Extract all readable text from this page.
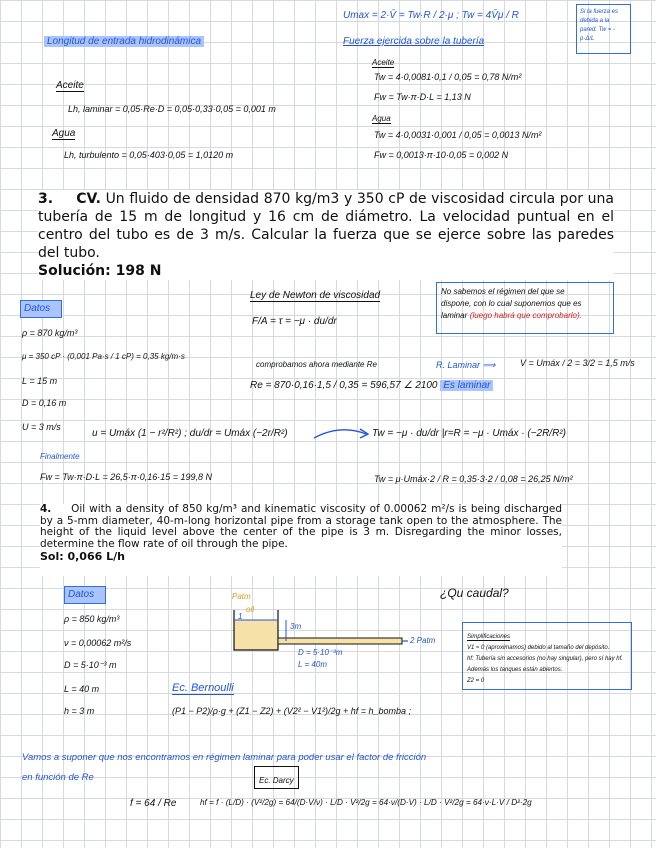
Umax = 2·V̄ = Tw·R / 2·μ ; Tw = 4V̄μ / R
Fuerza ejercida sobre la tubería
Si la fuerza es debida a la pared. Tw = -p·Δ/L
Longitud de entrada hidrodinámica
Aceite
Lh, laminar = 0,05·Re·D = 0,05·0,33·0,05 = 0,001 m
Agua
Lh, turbulento = 0,05·403·0,05 = 1,0120 m
Aceite
Tw = 4·0,0081·0,1 / 0,05 = 0,78 N/m²
Fw = Tw·π·D·L = 1,13 N
Agua
Tw = 4·0,0031·0,001 / 0,05 = 0,0013 N/m²
Fw = 0,0013·π·10·0,05 = 0,002 N
3. CV. Un fluido de densidad 870 kg/m3 y 350 cP de viscosidad circula por una tubería de 15 m de longitud y 16 cm de diámetro. La velocidad puntual en el centro del tubo es de 3 m/s. Calcular la fuerza que se ejerce sobre las paredes del tubo.
Solución: 198 N
Datos
ρ = 870 kg/m³
μ = 350 cP · (0,001 Pa·s / 1 cP) = 0,35 kg/m·s
L = 15 m
D = 0,16 m
U = 3 m/s
Ley de Newton de viscosidad
F/A = τ = −μ · du/dr
No sabemos el régimen del que se
dispone, con lo cual suponemos que es
laminar (luego habrá que comprobarlo).
comprobamos ahora mediante Re
Re = 870·0,16·1,5 / 0,35 = 596,57 ∠ 2100 Es laminar
R. Laminar ⟹	V = Umáx / 2 = 3/2 = 1,5 m/s
u = Umáx (1 − r²/R²) ; du/dr = Umáx (−2r/R²)	Tw = −μ · du/dr |r=R = −μ · Umáx · (−2R/R²)
Finalmente
Fw = Tw·π·D·L = 26,5·π·0,16·15 = 199,8 N	Tw = μ·Umáx·2 / R = 0,35·3·2 / 0,08 = 26,25 N/m²
4. Oil with a density of 850 kg/m³ and kinematic viscosity of 0.00062 m²/s is being discharged by a 5-mm diameter, 40-m-long horizontal pipe from a storage tank open to the atmosphere. The height of the liquid level above the center of the pipe is 3 m. Disregarding the minor losses, determine the flow rate of oil through the pipe.
Sol: 0,066 L/h
Datos
ρ = 850 kg/m³
ν = 0,00062 m²/s
D = 5·10⁻³ m
L = 40 m
h = 3 m
Patm
oil
1
3m
D = 5·10⁻³m
L = 40m
2 Patm
¿Qu caudal?
Simplificaciones
V1 ≈ 0 (aproximamos) debido al tamaño del depósito.
hf: Tubería sin accesorios (no hay singular), pero sí hay hf.
Además los tanques están abiertos.
Z2 = 0
Ec. Bernoulli
(P1 − P2)/ρ·g + (Z1 − Z2) + (V2² − V1²)/2g + hf = h_bomba ;
Vamos a suponer que nos encontramos en régimen laminar para poder usar el factor de fricción
en función de Re	Ec. Darcy
f = 64 / Re	hf = f · (L/D) · (V²/2g) = 64/(D·V/ν) · L/D · V²/2g = 64·ν/(D·V) · L/D · V²/2g = 64·ν·L·V / D²·2g
